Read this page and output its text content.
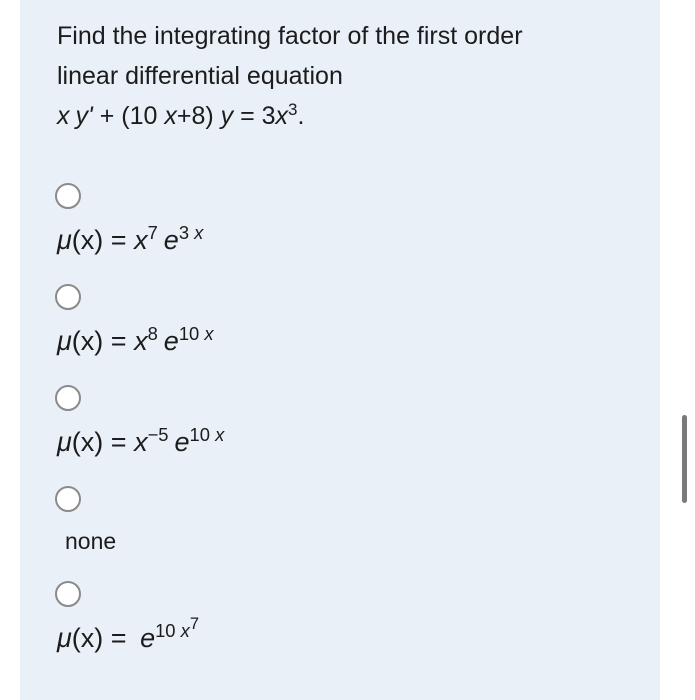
Find the integrating factor of the first order
linear differential equation
x y' + (10 x+8) $y = 3x^3$.
$\mu(x) = x^7$ $e^{3 x}$
$\mu(x) = x^8$ $e^{10 x}$
$\mu(x) = x^{-5}$ $e^{10 x}$
none
$\mu(x) = e^{10 x^7}$
